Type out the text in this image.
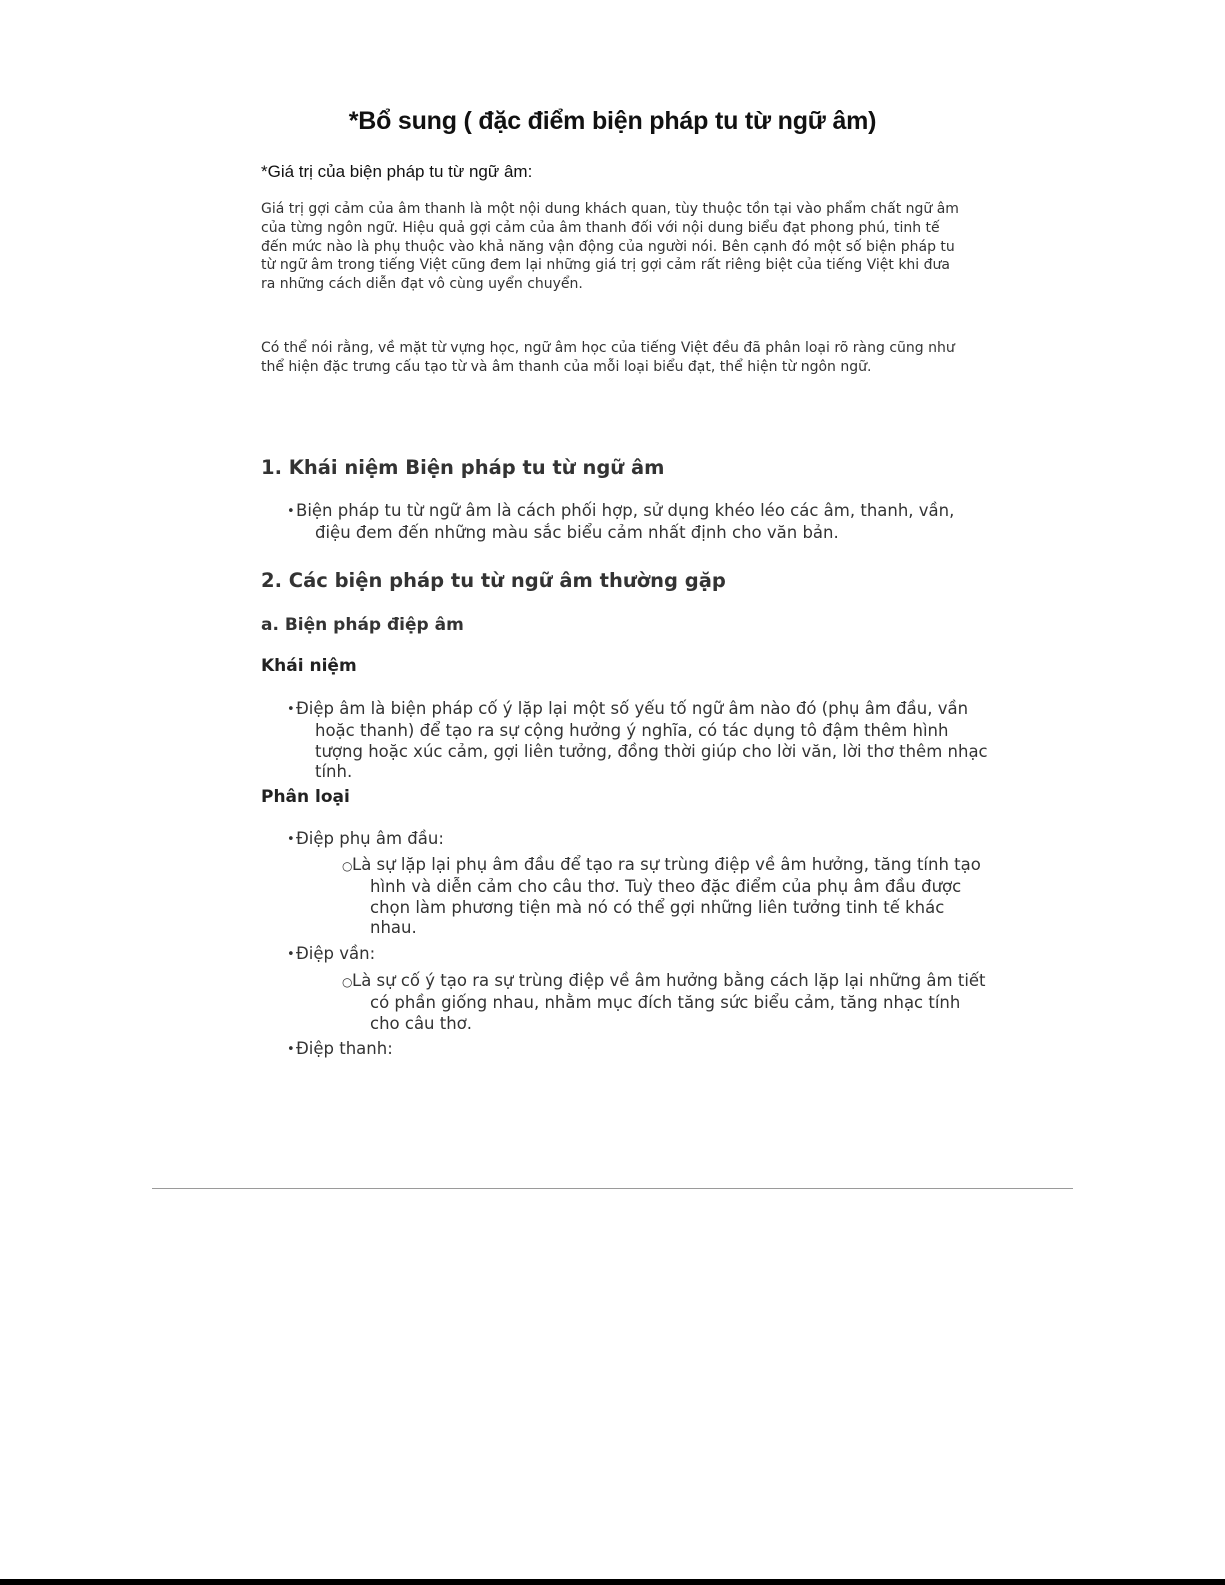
*Bổ sung ( đặc điểm biện pháp tu từ ngữ âm)

*Giá trị của biện pháp tu từ ngữ âm:

Giá trị gợi cảm của âm thanh là một nội dung khách quan, tùy thuộc tồn tại vào phẩm chất ngữ âm của từng ngôn ngữ. Hiệu quả gợi cảm của âm thanh đối với nội dung biểu đạt phong phú, tinh tế đến mức nào là phụ thuộc vào khả năng vận động của người nói. Bên cạnh đó một số biện pháp tu từ ngữ âm trong tiếng Việt cũng đem lại những giá trị gợi cảm rất riêng biệt của tiếng Việt khi đưa ra những cách diễn đạt vô cùng uyển chuyển.

Có thể nói rằng, về mặt từ vựng học, ngữ âm học của tiếng Việt đều đã phân loại rõ ràng cũng như thể hiện đặc trưng cấu tạo từ và âm thanh của mỗi loại biểu đạt, thể hiện từ ngôn ngữ.

1. Khái niệm Biện pháp tu từ ngữ âm
•Biện pháp tu từ ngữ âm là cách phối hợp, sử dụng khéo léo các âm, thanh, vần, điệu đem đến những màu sắc biểu cảm nhất định cho văn bản.
2. Các biện pháp tu từ ngữ âm thường gặp
a. Biện pháp điệp âm
Khái niệm
•Điệp âm là biện pháp cố ý lặp lại một số yếu tố ngữ âm nào đó (phụ âm đầu, vần hoặc thanh) để tạo ra sự cộng hưởng ý nghĩa, có tác dụng tô đậm thêm hình tượng hoặc xúc cảm, gợi liên tưởng, đồng thời giúp cho lời văn, lời thơ thêm nhạc tính.
Phân loại
•Điệp phụ âm đầu:
○Là sự lặp lại phụ âm đầu để tạo ra sự trùng điệp về âm hưởng, tăng tính tạo hình và diễn cảm cho câu thơ. Tuỳ theo đặc điểm của phụ âm đầu được chọn làm phương tiện mà nó có thể gợi những liên tưởng tinh tế khác nhau.
•Điệp vần:
○Là sự cố ý tạo ra sự trùng điệp về âm hưởng bằng cách lặp lại những âm tiết có phần giống nhau, nhằm mục đích tăng sức biểu cảm, tăng nhạc tính cho câu thơ.
•Điệp thanh:
